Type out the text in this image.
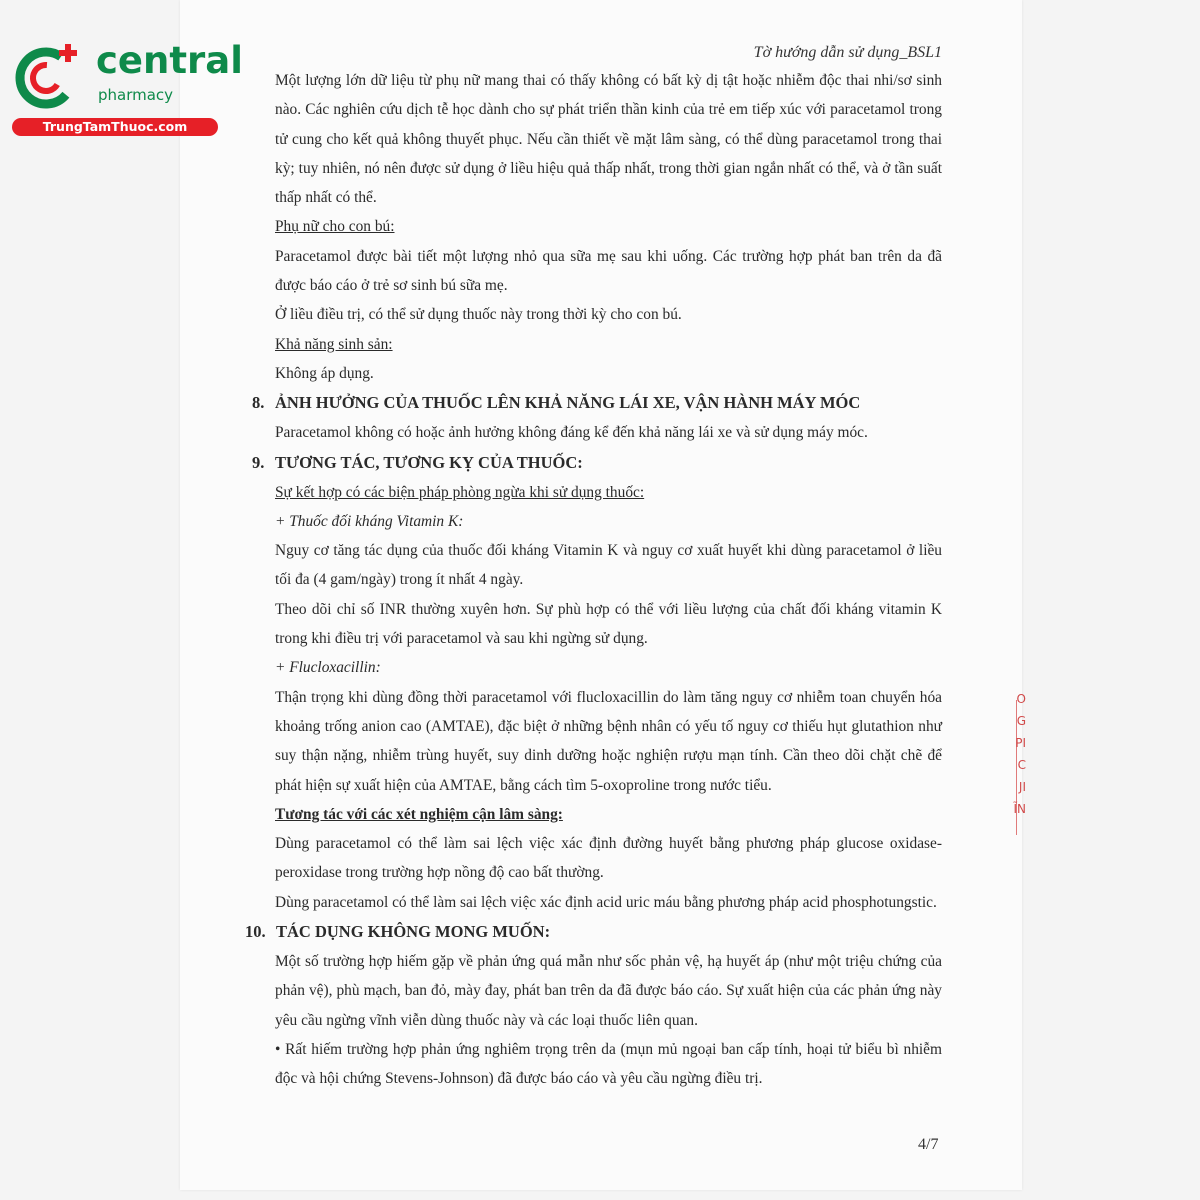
central
pharmacy
TrungTamThuoc.com
Tờ hướng dẫn sử dụng_BSL1

Một lượng lớn dữ liệu từ phụ nữ mang thai có thấy không có bất kỳ dị tật hoặc nhiễm độc thai nhi/sơ sinh nào. Các nghiên cứu dịch tễ học dành cho sự phát triển thần kinh của trẻ em tiếp xúc với paracetamol trong tử cung cho kết quả không thuyết phục. Nếu cần thiết về mặt lâm sàng, có thể dùng paracetamol trong thai kỳ; tuy nhiên, nó nên được sử dụng ở liều hiệu quả thấp nhất, trong thời gian ngắn nhất có thể, và ở tần suất thấp nhất có thể.

Phụ nữ cho con bú:

Paracetamol được bài tiết một lượng nhỏ qua sữa mẹ sau khi uống. Các trường hợp phát ban trên da đã được báo cáo ở trẻ sơ sinh bú sữa mẹ.

Ở liều điều trị, có thể sử dụng thuốc này trong thời kỳ cho con bú.

Khả năng sinh sản:

Không áp dụng.

8. ẢNH HƯỞNG CỦA THUỐC LÊN KHẢ NĂNG LÁI XE, VẬN HÀNH MÁY MÓC

Paracetamol không có hoặc ảnh hưởng không đáng kể đến khả năng lái xe và sử dụng máy móc.

9. TƯƠNG TÁC, TƯƠNG KỴ CỦA THUỐC:

Sự kết hợp có các biện pháp phòng ngừa khi sử dụng thuốc:

+ Thuốc đối kháng Vitamin K:

Nguy cơ tăng tác dụng của thuốc đối kháng Vitamin K và nguy cơ xuất huyết khi dùng paracetamol ở liều tối đa (4 gam/ngày) trong ít nhất 4 ngày.

Theo dõi chỉ số INR thường xuyên hơn. Sự phù hợp có thể với liều lượng của chất đối kháng vitamin K trong khi điều trị với paracetamol và sau khi ngừng sử dụng.

+ Flucloxacillin:

Thận trọng khi dùng đồng thời paracetamol với flucloxacillin do làm tăng nguy cơ nhiễm toan chuyển hóa khoảng trống anion cao (AMTAE), đặc biệt ở những bệnh nhân có yếu tố nguy cơ thiếu hụt glutathion như suy thận nặng, nhiễm trùng huyết, suy dinh dưỡng hoặc nghiện rượu mạn tính. Cần theo dõi chặt chẽ để phát hiện sự xuất hiện của AMTAE, bằng cách tìm 5-oxoproline trong nước tiểu.

Tương tác với các xét nghiệm cận lâm sàng:

Dùng paracetamol có thể làm sai lệch việc xác định đường huyết bằng phương pháp glucose oxidase-peroxidase trong trường hợp nồng độ cao bất thường.

Dùng paracetamol có thể làm sai lệch việc xác định acid uric máu bằng phương pháp acid phosphotungstic.

10. TÁC DỤNG KHÔNG MONG MUỐN:

Một số trường hợp hiếm gặp về phản ứng quá mẫn như sốc phản vệ, hạ huyết áp (như một triệu chứng của phản vệ), phù mạch, ban đỏ, mày đay, phát ban trên da đã được báo cáo. Sự xuất hiện của các phản ứng này yêu cầu ngừng vĩnh viễn dùng thuốc này và các loại thuốc liên quan.

• Rất hiếm trường hợp phản ứng nghiêm trọng trên da (mụn mủ ngoại ban cấp tính, hoại tử biểu bì nhiễm độc và hội chứng Stevens-Johnson) đã được báo cáo và yêu cầu ngừng điều trị.

4/7
O
G
PI
C
JI
ĨN
